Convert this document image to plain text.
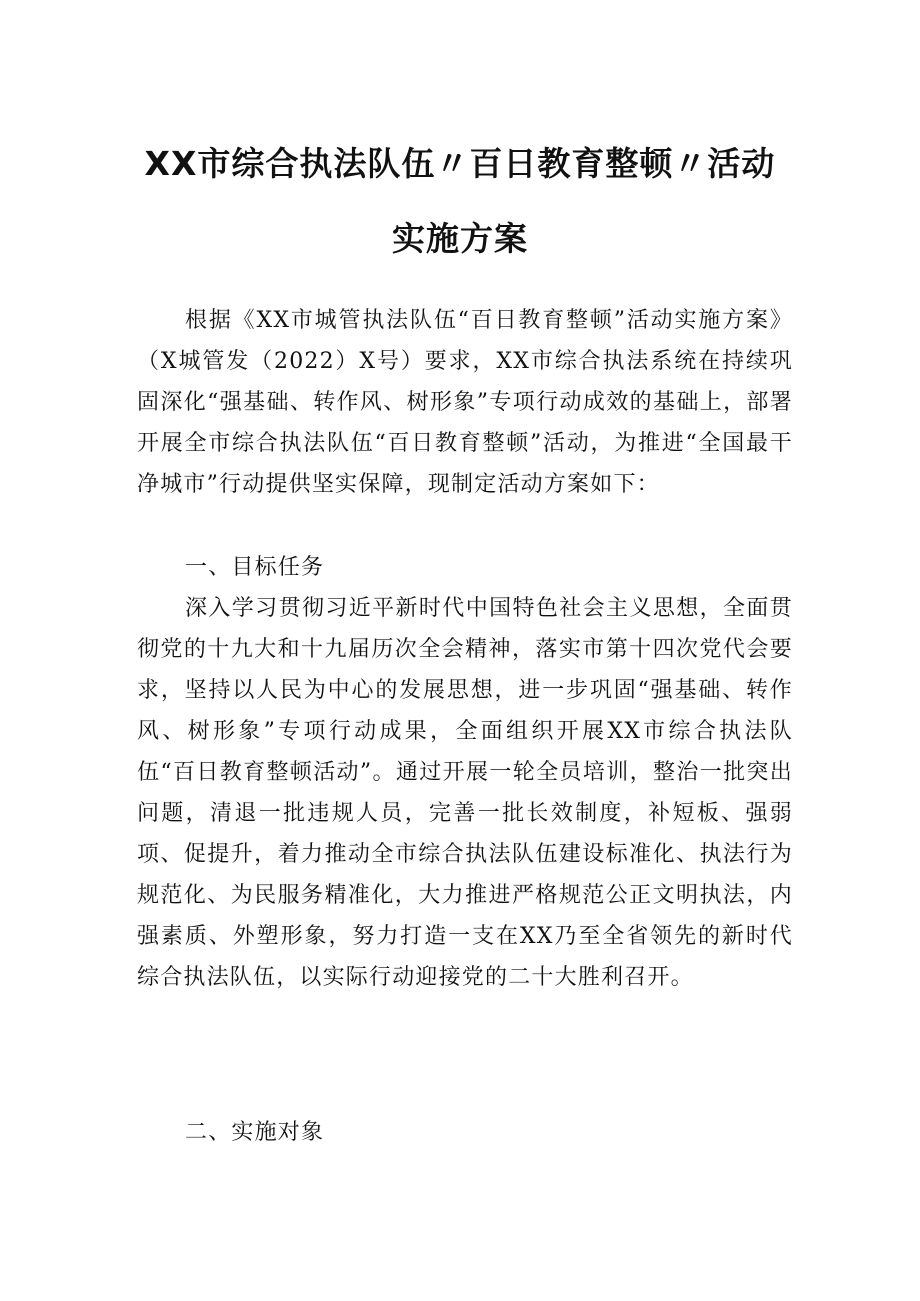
XX市综合执法队伍〃百日教育整顿〃活动
实施方案
根据《XX市城管执法队伍“百日教育整顿”活动实施方案》（X城管发（2022）X号）要求，XX市综合执法系统在持续巩固深化“强基础、转作风、树形象”专项行动成效的基础上，部署开展全市综合执法队伍“百日教育整顿”活动，为推进“全国最干净城市”行动提供坚实保障，现制定活动方案如下：
一、目标任务
深入学习贯彻习近平新时代中国特色社会主义思想，全面贯彻党的十九大和十九届历次全会精神，落实市第十四次党代会要求，坚持以人民为中心的发展思想，进一步巩固“强基础、转作风、树形象”专项行动成果，全面组织开展XX市综合执法队伍“百日教育整顿活动”。通过开展一轮全员培训，整治一批突出问题，清退一批违规人员，完善一批长效制度，补短板、强弱项、促提升，着力推动全市综合执法队伍建设标准化、执法行为规范化、为民服务精准化，大力推进严格规范公正文明执法，内强素质、外塑形象，努力打造一支在XX乃至全省领先的新时代综合执法队伍，以实际行动迎接党的二十大胜利召开。
二、实施对象
